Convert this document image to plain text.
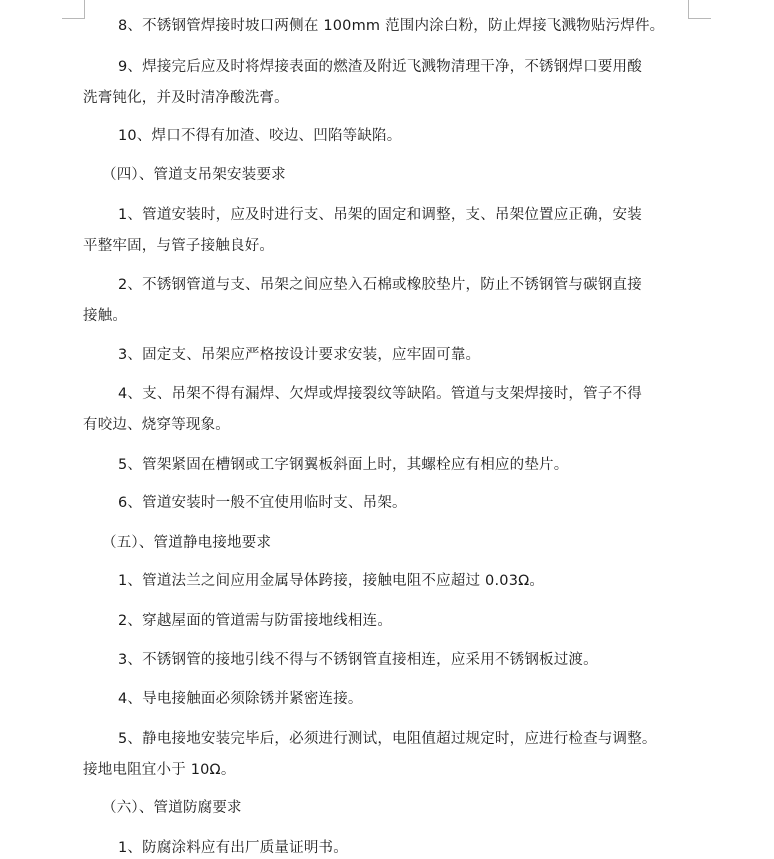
8、不锈钢管焊接时坡口两侧在 100mm 范围内涂白粉，防止焊接飞溅物贴污焊件。

9、焊接完后应及时将焊接表面的燃渣及附近飞溅物清理干净，不锈钢焊口要用酸

洗膏钝化，并及时清净酸洗膏。

10、焊口不得有加渣、咬边、凹陷等缺陷。

（四）、管道支吊架安装要求

1、管道安装时，应及时进行支、吊架的固定和调整，支、吊架位置应正确，安装

平整牢固，与管子接触良好。

2、不锈钢管道与支、吊架之间应垫入石棉或橡胶垫片，防止不锈钢管与碳钢直接

接触。

3、固定支、吊架应严格按设计要求安装，应牢固可靠。

4、支、吊架不得有漏焊、欠焊或焊接裂纹等缺陷。管道与支架焊接时，管子不得

有咬边、烧穿等现象。

5、管架紧固在槽钢或工字钢翼板斜面上时，其螺栓应有相应的垫片。

6、管道安装时一般不宜使用临时支、吊架。

（五）、管道静电接地要求

1、管道法兰之间应用金属导体跨接，接触电阻不应超过 0.03Ω。

2、穿越屋面的管道需与防雷接地线相连。

3、不锈钢管的接地引线不得与不锈钢管直接相连，应采用不锈钢板过渡。

4、导电接触面必须除锈并紧密连接。

5、静电接地安装完毕后，必须进行测试，电阻值超过规定时，应进行检查与调整。

接地电阻宜小于 10Ω。

（六）、管道防腐要求

1、防腐涂料应有出厂质量证明书。
